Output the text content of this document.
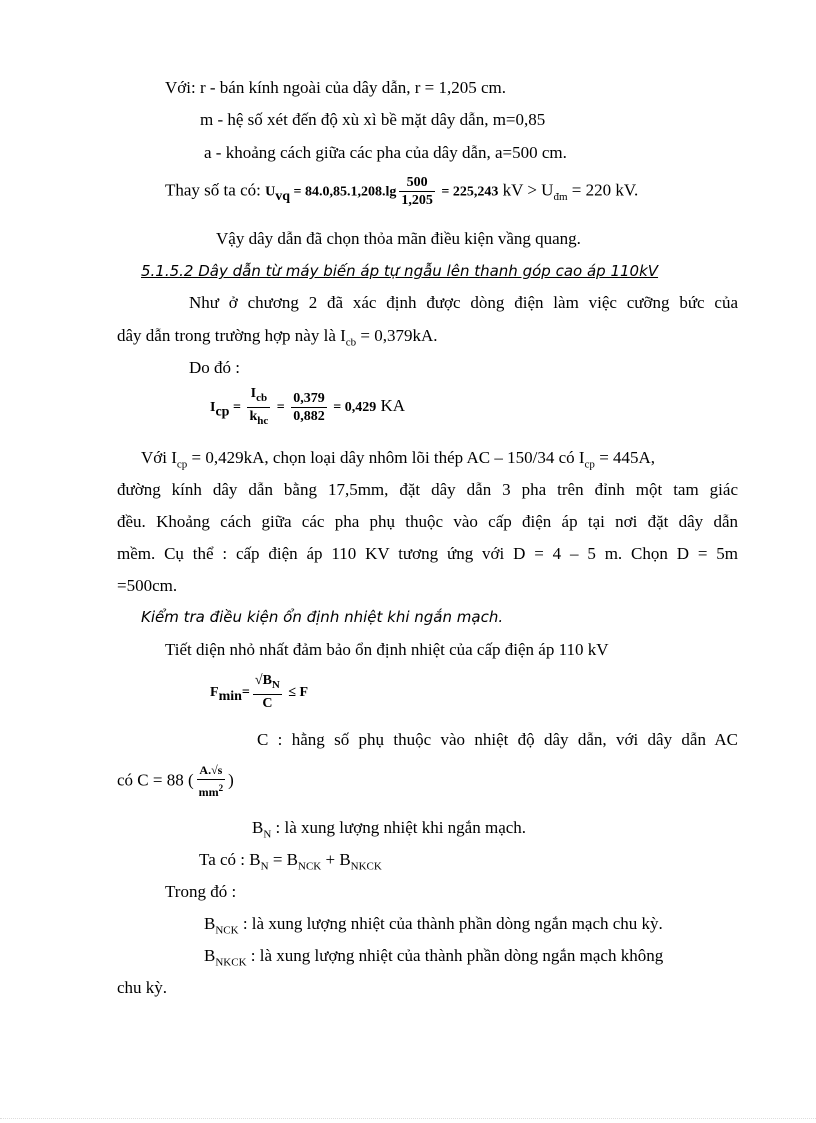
Với: r - bán kính ngoài của dây dẫn, r = 1,205 cm.
m - hệ số xét đến độ xù xì bề mặt dây dẫn, m=0,85
a - khoảng cách giữa các pha của dây dẫn, a=500 cm.
Thay số ta có: $U_{vq} = 84.0,85.1,208.\lg \frac{500}{1,205} = 225,243$ kV > $U_{đm} = 220$ kV.
Vậy dây dẫn đã chọn thỏa mãn điều kiện vầng quang.
5.1.5.2 Dây dẫn từ máy biến áp tự ngẫu lên thanh góp cao áp 110kV
Như ở chương 2 đã xác định được dòng điện làm việc cưỡng bức của
dây dẫn trong trường hợp này là $I_{cb} = 0,379kA$.
Do đó :
$I_{cp} = \frac{I_{cb}}{k_{hc}} = \frac{0,379}{0,882} = 0,429$ KA
Với $I_{cp} = 0,429kA$, chọn loại dây nhôm lõi thép AC – 150/34 có $I_{cp} = 445A$,
đường kính dây dẫn bằng 17,5mm, đặt dây dẫn 3 pha trên đỉnh một tam giác
đều. Khoảng cách giữa các pha phụ thuộc vào cấp điện áp tại nơi đặt dây dẫn
mềm. Cụ thể : cấp điện áp 110 KV tương ứng với D = 4 – 5 m. Chọn D = 5m
=500cm.
Kiểm tra điều kiện ổn định nhiệt khi ngắn mạch.
Tiết diện nhỏ nhất đảm bảo ổn định nhiệt của cấp điện áp 110 kV
$F_{min}= \frac{√B_N}{C} \le F$
C : hằng số phụ thuộc vào nhiệt độ dây dẫn, với dây dẫn AC
có C = 88 ( $\frac{A.√s}{mm^2}$ )
$B_N$ : là xung lượng nhiệt khi ngắn mạch.
Ta có : $B_N = B_{NCK} + B_{NKCK}$
Trong đó :
$B_{NCK}$ : là xung lượng nhiệt của thành phần dòng ngắn mạch chu kỳ.
$B_{NKCK}$ : là xung lượng nhiệt của thành phần dòng ngắn mạch không
chu kỳ.
